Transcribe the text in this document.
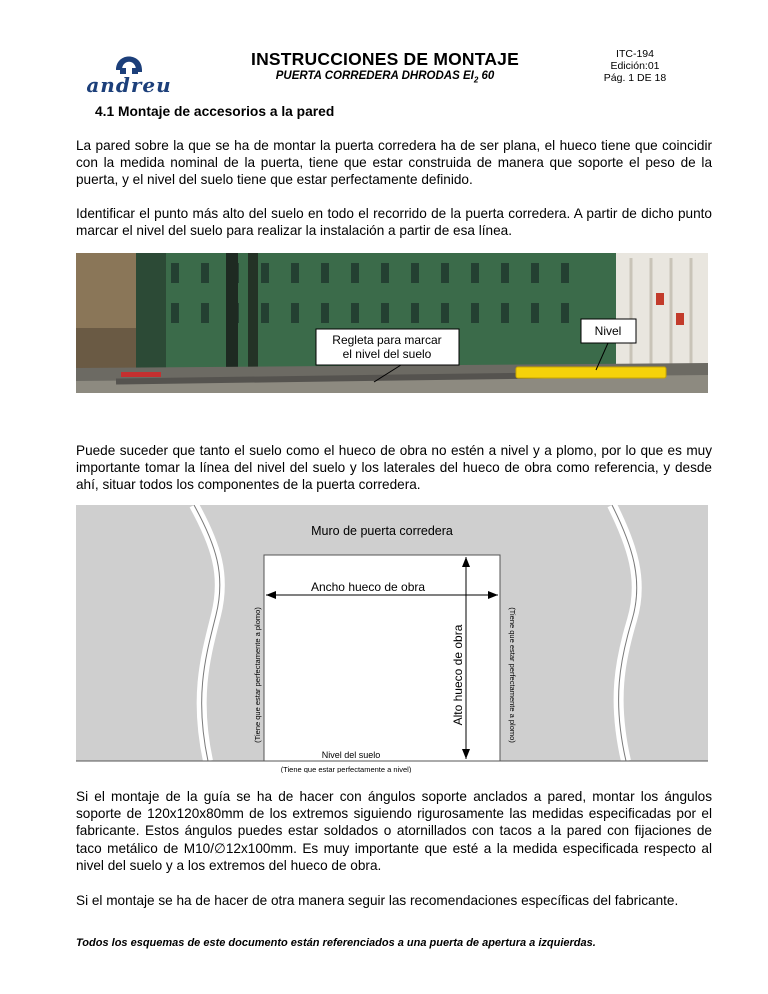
andreu
INSTRUCCIONES DE MONTAJE
PUERTA CORREDERA DHRODAS $EI_2$ 60
ITC-194
Edición:01
Pág. 1 DE 18
4.1 Montaje de accesorios a la pared
La pared sobre la que se ha de montar la puerta corredera ha de ser plana, el hueco tiene que coincidir con la medida nominal de la puerta, tiene que estar construida de manera que soporte el peso de la puerta, y el nivel del suelo tiene que estar perfectamente definido.
Identificar el punto más alto del suelo en todo el recorrido de la puerta corredera. A partir de dicho punto marcar el nivel del suelo para realizar la instalación a partir de esa línea.
Regleta para marcar
el nivel del suelo
Nivel
Puede suceder que tanto el suelo como el hueco de obra no estén a nivel y a plomo, por lo que es muy importante tomar la línea del nivel del suelo y los laterales del hueco de obra como referencia, y desde ahí, situar todos los componentes de la puerta corredera.
Muro de puerta corredera
Ancho hueco de obra
Alto hueco de obra
(Tiene que estar perfectamente a plomo)	(Tiene que estar perfectamente a plomo)
Nivel del suelo
(Tiene que estar perfectamente a nivel)
Si el montaje de la guía se ha de hacer con ángulos soporte anclados a pared, montar los ángulos soporte de 120x120x80mm de los extremos siguiendo rigurosamente las medidas especificadas por el fabricante. Estos ángulos puedes estar soldados o atornillados con tacos a la pared con fijaciones de taco metálico de M10/∅12x100mm. Es muy importante que esté a la medida especificada respecto al nivel del suelo y a los extremos del hueco de obra.
Si el montaje se ha de hacer de otra manera seguir las recomendaciones específicas del fabricante.
Todos los esquemas de este documento están referenciados a una puerta de apertura a izquierdas.
